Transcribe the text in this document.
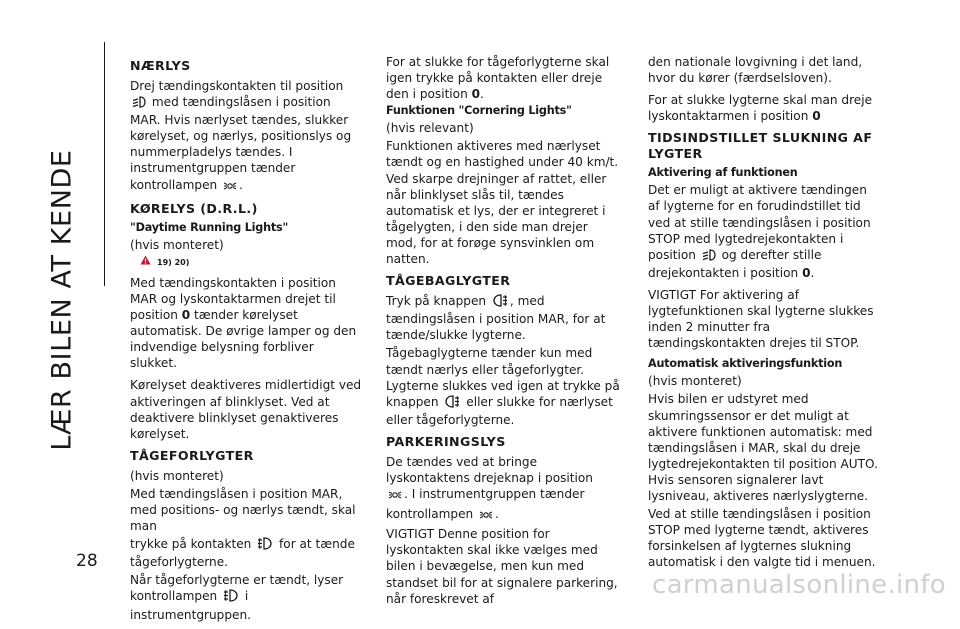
LÆR BILEN AT KENDE
28
NÆRLYS

Drej tændingskontakten til position  med tændingslåsen i position MAR. Hvis nærlyset tændes, slukker kørelyset, og nærlys, positionslys og nummerpladelys tændes. I instrumentgruppen tænder kontrollampen .

KØRELYS (D.R.L.)
"Daytime Running Lights"

(hvis monteret)

19) 20)

Med tændingskontakten i position MAR og lyskontaktarmen drejet til position 0 tænder kørelyset automatisk. De øvrige lamper og den indvendige belysning forbliver slukket.

Kørelyset deaktiveres midlertidigt ved aktiveringen af blinklyset. Ved at deaktivere blinklyset genaktiveres kørelyset.

TÅGEFORLYGTER

(hvis monteret)

Med tændingslåsen i position MAR, med positions- og nærlys tændt, skal man

trykke på kontakten for at tænde tågeforlygterne.

Når tågeforlygterne er tændt, lyser kontrollampen i instrumentgruppen.

For at slukke for tågeforlygterne skal igen trykke på kontakten eller dreje den i position 0.

Funktionen "Cornering Lights"

(hvis relevant)

Funktionen aktiveres med nærlyset tændt og en hastighed under 40 km/t. Ved skarpe drejninger af rattet, eller når blinklyset slås til, tændes automatisk et lys, der er integreret i tågelygten, i den side man drejer mod, for at forøge synsvinklen om natten.

TÅGEBAGLYGTER

Tryk på knappen , med tændingslåsen i position MAR, for at tænde/slukke lygterne.

Tågebaglygterne tænder kun med tændt nærlys eller tågeforlygter. Lygterne slukkes ved igen at trykke på knappen eller slukke for nærlyset eller tågeforlygterne.

PARKERINGSLYS

De tændes ved at bringe lyskontaktens drejeknap i position
. I instrumentgruppen tænder

kontrollampen .

VIGTIGT Denne position for lyskontakten skal ikke vælges med bilen i bevægelse, men kun med standset bil for at signalere parkering, når foreskrevet af

den nationale lovgivning i det land, hvor du kører (færdselsloven).

For at slukke lygterne skal man dreje lyskontaktarmen i position 0

TIDSINDSTILLET SLUKNING AF LYGTER
Aktivering af funktionen

Det er muligt at aktivere tændingen af lygterne for en forudindstillet tid ved at stille tændingslåsen i position STOP med lygtedrejekontakten i position og derefter stille drejekontakten i position 0.

VIGTIGT For aktivering af lygtefunktionen skal lygterne slukkes inden 2 minutter fra tændingskontakten drejes til STOP.

Automatisk aktiveringsfunktion

(hvis monteret)

Hvis bilen er udstyret med skumringssensor er det muligt at aktivere funktionen automatisk: med tændingslåsen i MAR, skal du dreje lygtedrejekontakten til position AUTO. Hvis sensoren signalerer lavt lysniveau, aktiveres nærlyslygterne.

Ved at stille tændingslåsen i position STOP med lygterne tændt, aktiveres forsinkelsen af lygternes slukning automatisk i den valgte tid i menuen.

carmanualsonline.info
